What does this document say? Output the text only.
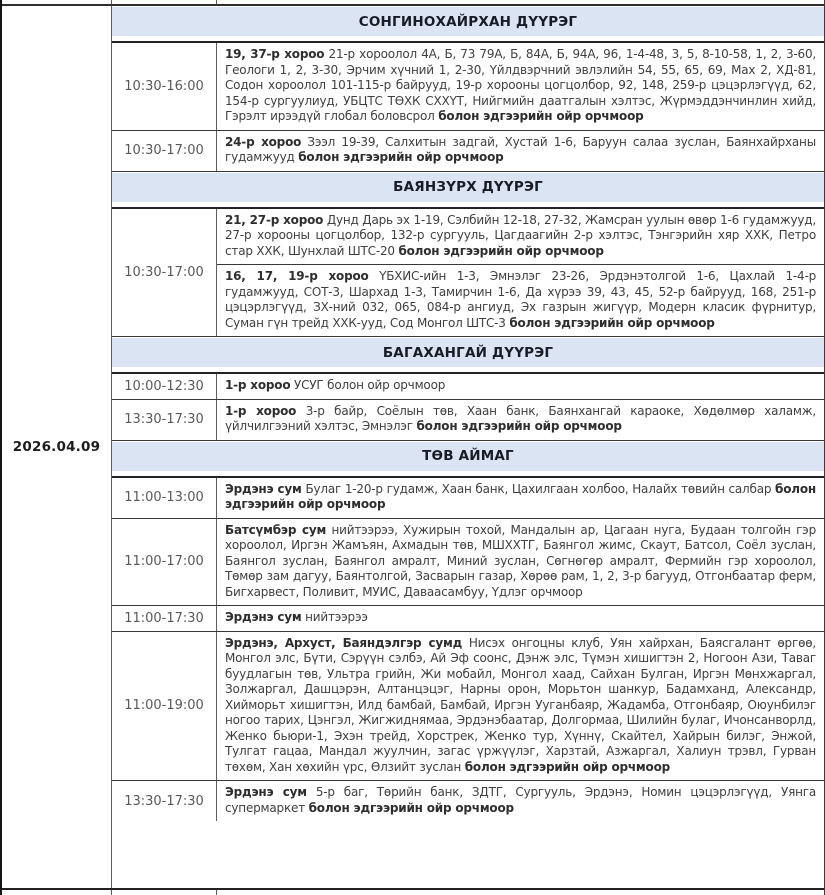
2026.04.09
СОНГИНОХАЙРХАН ДҮҮРЭГ
10:30-16:00

19, 37-р хороо 21-р хороолол 4А, Б, 73 79А, Б, 84А, Б, 94А, 96, 1-4-48, 3, 5, 8-10-58, 1, 2, 3-60, Геологи 1, 2, 3-30, Эрчим хүчний 1, 2-30, Үйлдвэрчний эвлэлийн 54, 55, 65, 69, Мах 2, ХД-81, Содон хороолол 101-115-р байрууд, 19-р хорооны цогцолбор, 92, 148, 259-р цэцэрлэгүүд, 62, 154-р сургуулиуд, УБЦТС ТӨХК СХХҮТ, Нийгмийн даатгалын хэлтэс, Жүрмэддэнчинлин хийд, Гэрэлт ирээдүй глобал боловсрол болон эдгээрийн ойр орчмоор

10:30-17:00

24-р хороо Зээл 19-39, Салхитын задгай, Хустай 1-6, Баруун салаа зуслан, Баянхайрханы гудамжууд болон эдгээрийн ойр орчмоор

БАЯНЗҮРХ ДҮҮРЭГ
10:30-17:00

21, 27-р хороо Дунд Дарь эх 1-19, Сэлбийн 12-18, 27-32, Жамсран уулын өвөр 1-6 гудамжууд, 27-р хорооны цогцолбор, 132-р сургууль, Цагдаагийн 2-р хэлтэс, Тэнгэрийн хяр ХХК, Петро стар ХХК, Шунхлай ШТС-20 болон эдгээрийн ойр орчмоор

16, 17, 19-р хороо ҮБХИС-ийн 1-3, Эмнэлэг 23-26, Эрдэнэтолгой 1-6, Цахлай 1-4-р гудамжууд, СОТ-3, Шархад 1-3, Тамирчин 1-6, Да хүрээ 39, 43, 45, 52-р байрууд, 168, 251-р цэцэрлэгүүд, ЗХ-ний 032, 065, 084-р ангиуд, Эх газрын жигүүр, Модерн класик фүрнитур, Суман гүн трейд ХХК-ууд, Сод Монгол ШТС-3 болон эдгээрийн ойр орчмоор

БАГАХАНГАЙ ДҮҮРЭГ
10:00-12:30	1-р хороо УСУГ болон ойр орчмоор

13:30-17:30

1-р хороо 3-р байр, Соёлын төв, Хаан банк, Баянхангай караоке, Хөдөлмөр халамж, үйлчилгээний хэлтэс, Эмнэлэг болон эдгээрийн ойр орчмоор

ТӨВ АЙМАГ
11:00-13:00

Эрдэнэ сум Булаг 1-20-р гудамж, Хаан банк, Цахилгаан холбоо, Налайх төвийн салбар болон эдгээрийн ойр орчмоор

11:00-17:00

Батсүмбэр сум нийтээрээ, Хужирын тохой, Мандалын ар, Цагаан нуга, Будаан толгойн гэр хороолол, Иргэн Жамъян, Ахмадын төв, МШХХТГ, Баянгол жимс, Скаут, Батсол, Соёл зуслан, Баянгол зуслан, Баянгол амралт, Миний зуслан, Сөгнөгөр амралт, Фермийн гэр хороолол, Төмөр зам дагуу, Баянтолгой, Засварын газар, Хөрөө рам, 1, 2, 3-р багууд, Отгонбаатар ферм, Бигхарвест, Поливит, МУИС, Даваасамбуу, Үдлэг орчмоор

11:00-17:30	Эрдэнэ сум нийтээрээ

11:00-19:00

Эрдэнэ, Архуст, Баяндэлгэр сумд Нисэх онгоцны клуб, Уян хайрхан, Баясгалант өргөө, Монгол элс, Бүти, Сэрүүн сэлбэ, Ай Эф соонс, Дэнж элс, Түмэн хишигтэн 2, Ногоон Ази, Таваг буудлагын төв, Ультра грийн, Жи мобайл, Монгол хаад, Сайхан Булган, Иргэн Мөнхжаргал, Золжаргал, Дашцэрэн, Алтанцэцэг, Нарны орон, Морьтон шанкур, Бадамханд, Александр, Хийморьт хишигтэн, Илд бамбай, Бамбай, Иргэн Ууганбаяр, Жадамба, Отгонбаяр, Оюунбилэг ногоо тарих, Цэнгэл, Жигжиднямаа, Эрдэнэбаатар, Долгормаа, Шилийн булаг, Ичонсанворлд, Женко бьюри-1, Эхэн трейд, Хорстрек, Женко тур, Хүннү, Скайтел, Хайрын билэг, Энжой, Тулгат гацаа, Мандал жуулчин, загас үржүүлэг, Харзтай, Азжаргал, Халиун трэвл, Гурван төхөм, Хан хөхийн үрс, Өлзийт зуслан болон эдгээрийн ойр орчмоор

13:30-17:30

Эрдэнэ сум 5-р баг, Төрийн банк, ЗДТГ, Сургууль, Эрдэнэ, Номин цэцэрлэгүүд, Уянга супермаркет болон эдгээрийн ойр орчмоор
